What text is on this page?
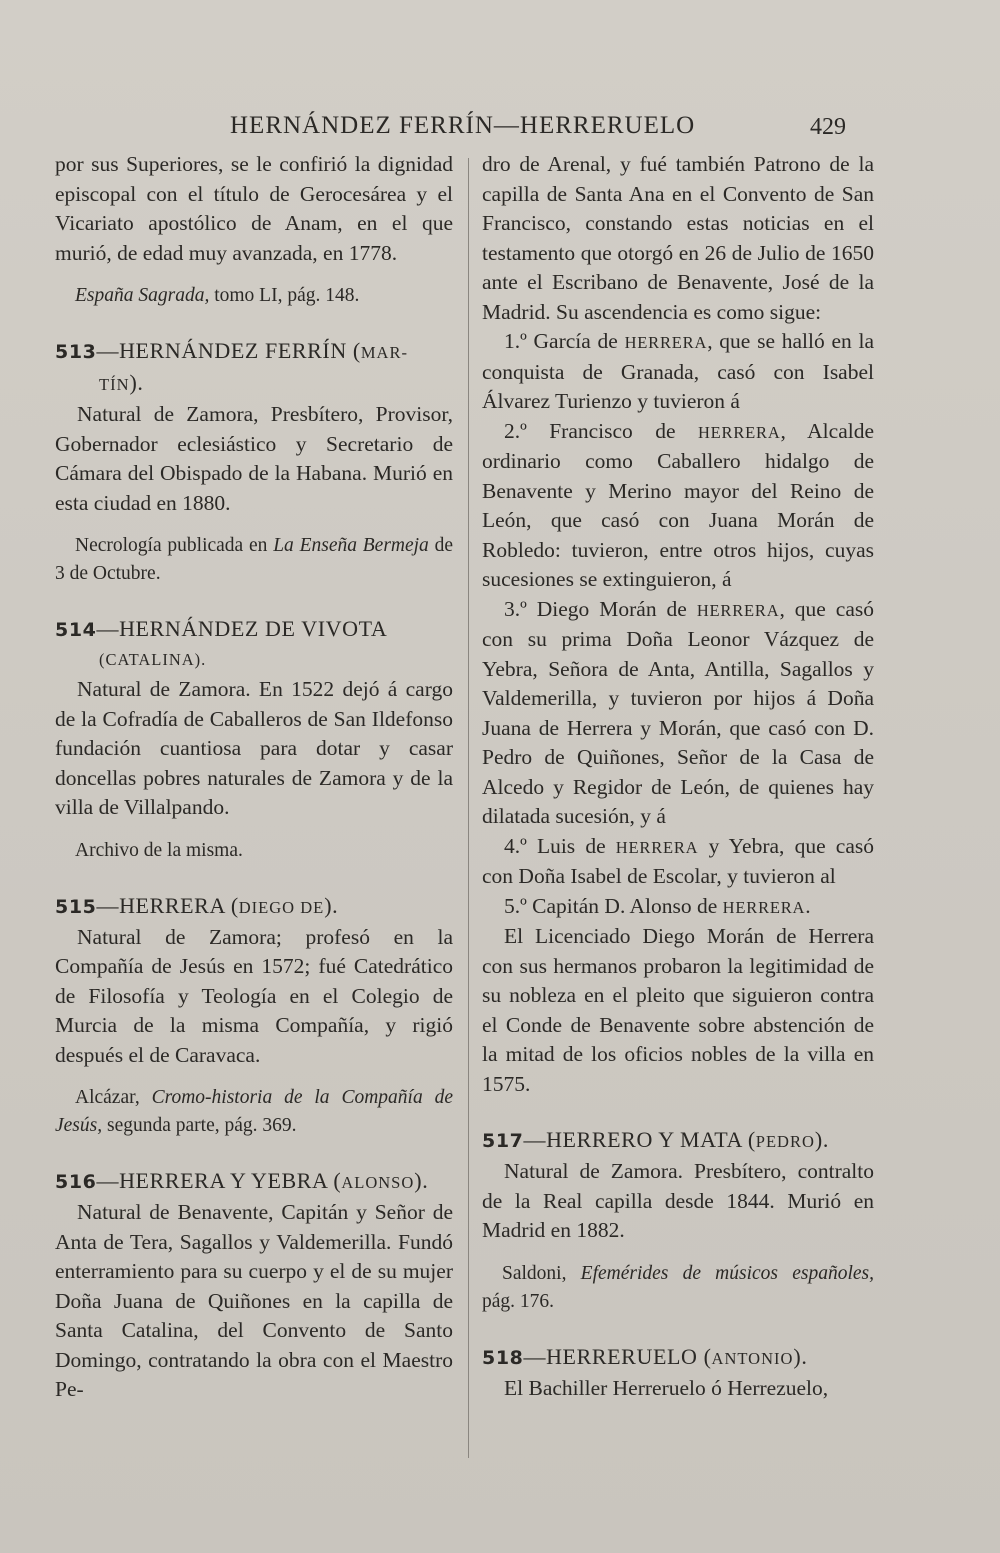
HERNÁNDEZ FERRÍN—HERRERUELO	429

por sus Superiores, se le confirió la dignidad episcopal con el título de Gerocesárea y el Vicariato apostólico de Anam, en el que murió, de edad muy avanzada, en 1778.

España Sagrada, tomo LI, pág. 148.

513—HERNÁNDEZ FERRÍN (MAR-
TÍN).

Natural de Zamora, Presbítero, Provisor, Gobernador eclesiástico y Secretario de Cámara del Obispado de la Habana. Murió en esta ciudad en 1880.

Necrología publicada en La Enseña Bermeja de 3 de Octubre.

514—HERNÁNDEZ DE VIVOTA
(CATALINA).

Natural de Zamora. En 1522 dejó á cargo de la Cofradía de Caballeros de San Ildefonso fundación cuantiosa para dotar y casar doncellas pobres naturales de Zamora y de la villa de Villalpando.

Archivo de la misma.

515—HERRERA (DIEGO DE).

Natural de Zamora; profesó en la Compañía de Jesús en 1572; fué Catedrático de Filosofía y Teología en el Colegio de Murcia de la misma Compañía, y rigió después el de Caravaca.

Alcázar, Cromo-historia de la Compañía de Jesús, segunda parte, pág. 369.

516—HERRERA Y YEBRA (ALONSO).

Natural de Benavente, Capitán y Señor de Anta de Tera, Sagallos y Valdemerilla. Fundó enterramiento para su cuerpo y el de su mujer Doña Juana de Quiñones en la capilla de Santa Catalina, del Convento de Santo Domingo, contratando la obra con el Maestro Pe-

dro de Arenal, y fué también Patrono de la capilla de Santa Ana en el Convento de San Francisco, constando estas noticias en el testamento que otorgó en 26 de Julio de 1650 ante el Escribano de Benavente, José de la Madrid. Su ascendencia es como sigue:

1.º García de HERRERA, que se halló en la conquista de Granada, casó con Isabel Álvarez Turienzo y tuvieron á

2.º Francisco de HERRERA, Alcalde ordinario como Caballero hidalgo de Benavente y Merino mayor del Reino de León, que casó con Juana Morán de Robledo: tuvieron, entre otros hijos, cuyas sucesiones se extinguieron, á

3.º Diego Morán de HERRERA, que casó con su prima Doña Leonor Vázquez de Yebra, Señora de Anta, Antilla, Sagallos y Valdemerilla, y tuvieron por hijos á Doña Juana de Herrera y Morán, que casó con D. Pedro de Quiñones, Señor de la Casa de Alcedo y Regidor de León, de quienes hay dilatada sucesión, y á

4.º Luis de HERRERA y Yebra, que casó con Doña Isabel de Escolar, y tuvieron al

5.º Capitán D. Alonso de HERRERA.

El Licenciado Diego Morán de Herrera con sus hermanos probaron la legitimidad de su nobleza en el pleito que siguieron contra el Conde de Benavente sobre abstención de la mitad de los oficios nobles de la villa en 1575.

517—HERRERO Y MATA (PEDRO).

Natural de Zamora. Presbítero, contralto de la Real capilla desde 1844. Murió en Madrid en 1882.

Saldoni, Efemérides de músicos españoles, pág. 176.

518—HERRERUELO (ANTONIO).

El Bachiller Herreruelo ó Herrezuelo,
